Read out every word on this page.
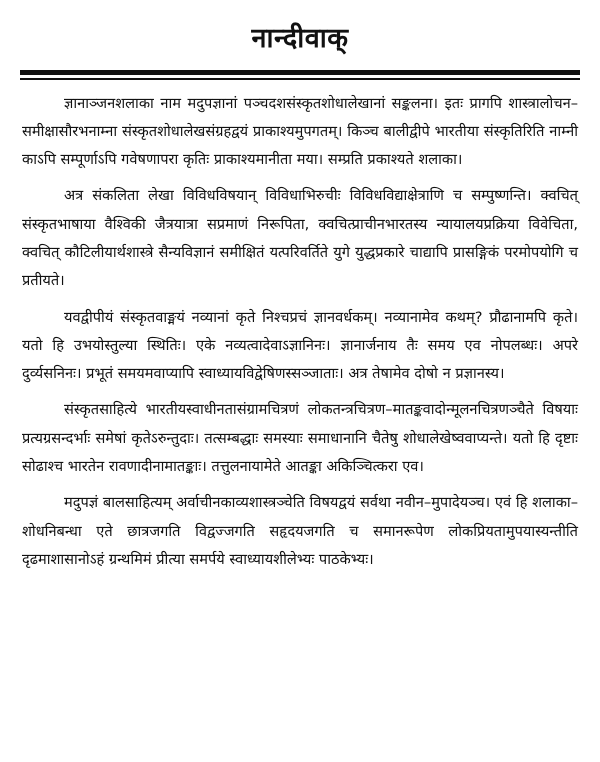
नान्दीवाक्

ज्ञानाञ्जनशलाका नाम मदुपज्ञानां पञ्चदशसंस्कृतशोधालेखानां सङ्कलना। इतः प्रागपि शास्त्रालोचन–समीक्षासौरभनाम्ना संस्कृतशोधालेखसंग्रहद्वयं प्राकाश्यमुपगतम्। किञ्च बालीद्वीपे भारतीया संस्कृतिरिति नाम्नी काऽपि सम्पूर्णाऽपि गवेषणापरा कृतिः प्राकाश्यमानीता मया। सम्प्रति प्रकाश्यते शलाका।

अत्र संकलिता लेखा विविधविषयान् विविधाभिरुचीः विविधविद्याक्षेत्राणि च सम्पुष्णन्ति। क्वचित् संस्कृतभाषाया वैश्विकी जैत्रयात्रा सप्रमाणं निरूपिता, क्वचित्प्राचीनभारतस्य न्यायालयप्रक्रिया विवेचिता, क्वचित् कौटिलीयार्थशास्त्रे सैन्यविज्ञानं समीक्षितं यत्परिवर्तिते युगे युद्धप्रकारे चाद्यापि प्रासङ्गिकं परमोपयोगि च प्रतीयते।

यवद्वीपीयं संस्कृतवाङ्मयं नव्यानां कृते निश्चप्रचं ज्ञानवर्धकम्। नव्यानामेव कथम्? प्रौढानामपि कृते। यतो हि उभयोस्तुल्या स्थितिः। एके नव्यत्वादेवाऽज्ञानिनः। ज्ञानार्जनाय तैः समय एव नोपलब्धः। अपरे दुर्व्यसनिनः। प्रभूतं समयमवाप्यापि स्वाध्यायविद्वेषिणस्सञ्जाताः। अत्र तेषामेव दोषो न प्रज्ञानस्य।

संस्कृतसाहित्ये भारतीयस्वाधीनतासंग्रामचित्रणं लोकतन्त्रचित्रण–मातङ्कवादोन्मूलनचित्रणञ्चैते विषयाः प्रत्यग्रसन्दर्भाः समेषां कृतेऽरुन्तुदाः। तत्सम्बद्धाः समस्याः समाधानानि चैतेषु शोधालेखेष्ववाप्यन्ते। यतो हि दृष्टाः सोढाश्च भारतेन रावणादीनामातङ्काः। तत्तुलनायामेते आतङ्का अकिञ्चित्करा एव।

मदुपज्ञं बालसाहित्यम् अर्वाचीनकाव्यशास्त्रञ्चेति विषयद्वयं सर्वथा नवीन–मुपादेयञ्च। एवं हि शलाका–शोधनिबन्धा एते छात्रजगति विद्वज्जगति सहृदयजगति च समानरूपेण लोकप्रियतामुपयास्यन्तीति दृढमाशासानोऽहं ग्रन्थमिमं प्रीत्या समर्पये स्वाध्यायशीलेभ्यः पाठकेभ्यः।
